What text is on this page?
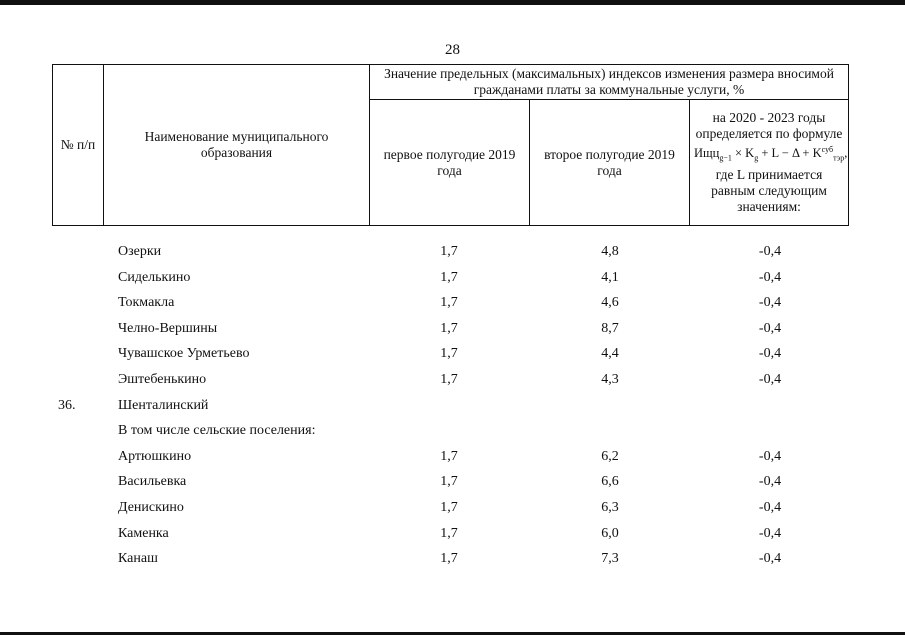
28
№ п/п	Наименование муниципального образования	Значение предельных (максимальных) индексов изменения размера вносимой гражданами платы за коммунальные услуги, %		
		первое полугодие 2019 года	второе полугодие 2019 года	на 2020 - 2023 годы определяется по формуле
$Ищц_{g-1} \times K_g + L - \Delta + K^{суб}_{тэр}$,
где L принимается равным следующим значениям:
Озерки	1,7	4,8	-0,4
Сиделькино	1,7	4,1	-0,4
Токмакла	1,7	4,6	-0,4
Челно-Вершины	1,7	8,7	-0,4
Чувашское Урметьево	1,7	4,4	-0,4
Эштебенькино	1,7	4,3	-0,4
36.	Шенталинский
В том числе сельские поселения:
Артюшкино	1,7	6,2	-0,4
Васильевка	1,7	6,6	-0,4
Денискино	1,7	6,3	-0,4
Каменка	1,7	6,0	-0,4
Канаш	1,7	7,3	-0,4
